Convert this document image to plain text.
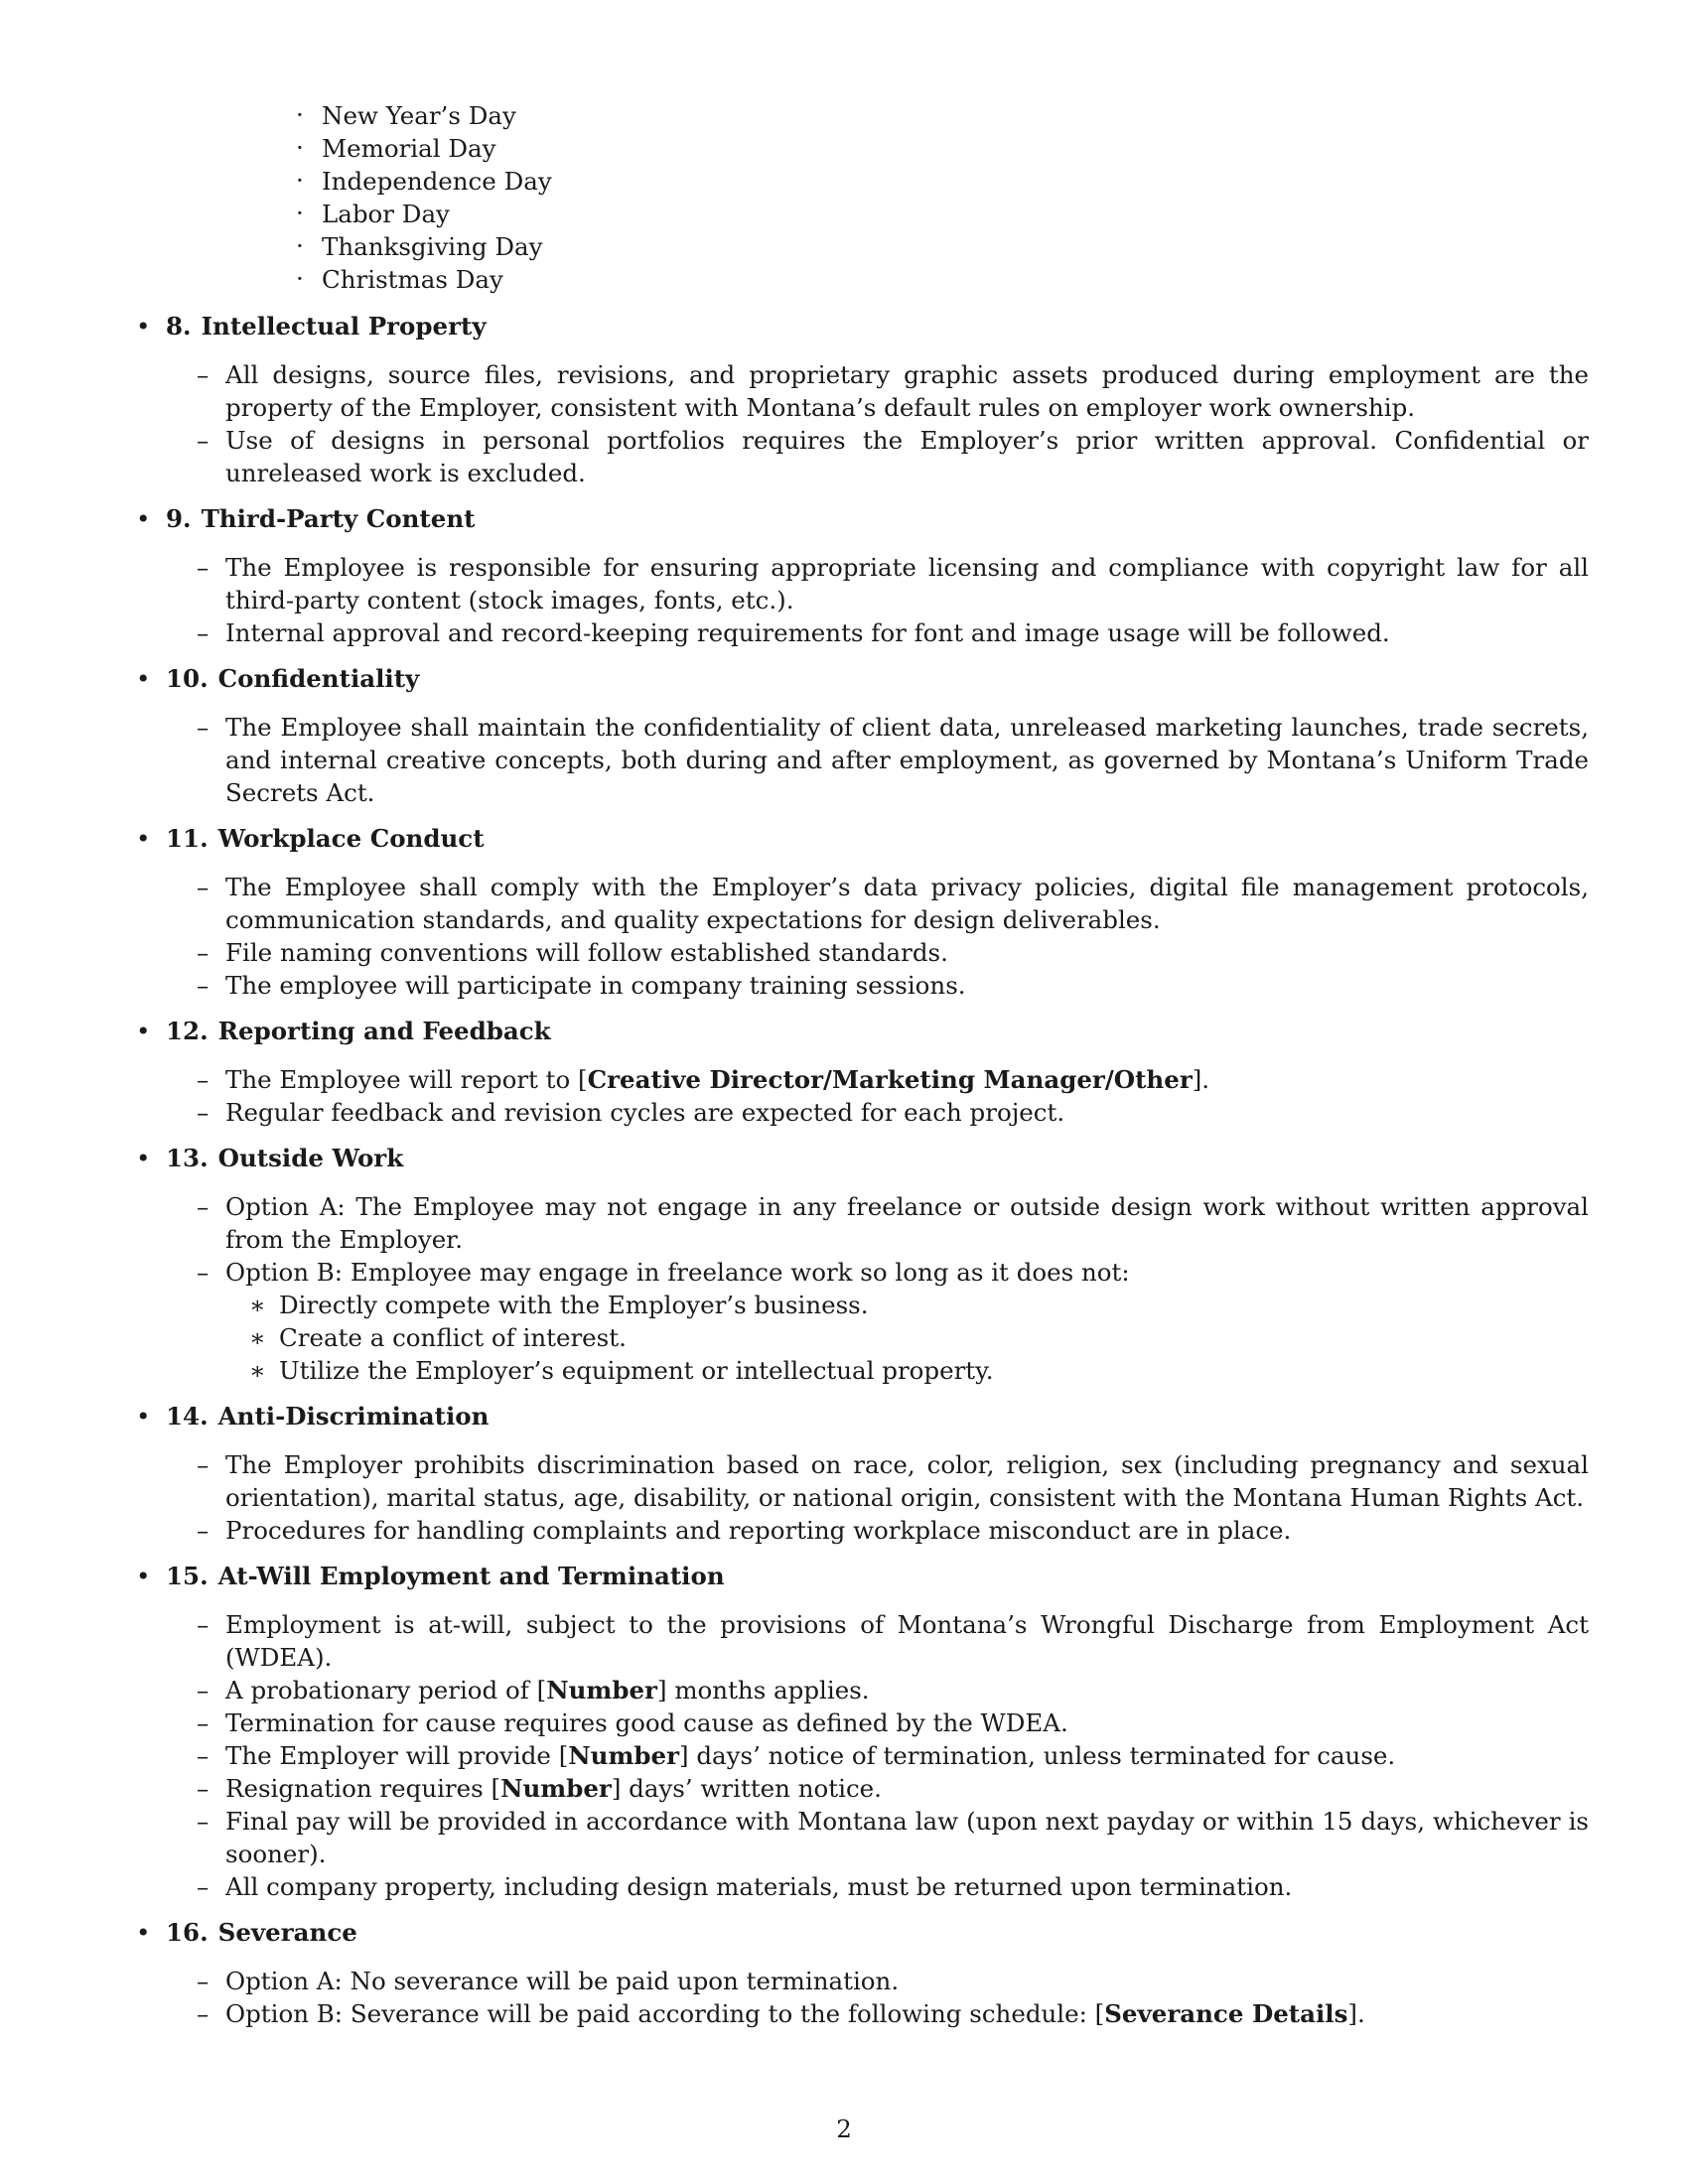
· New Year’s Day
· Memorial Day
· Independence Day
· Labor Day
· Thanksgiving Day
· Christmas Day
• 8. Intellectual Property
– All designs, source files, revisions, and proprietary graphic assets produced during employment are the property of the Employer, consistent with Montana’s default rules on employer work ownership.
– Use of designs in personal portfolios requires the Employer’s prior written approval. Confidential or unreleased work is excluded.
• 9. Third-Party Content
– The Employee is responsible for ensuring appropriate licensing and compliance with copyright law for all third-party content (stock images, fonts, etc.).
– Internal approval and record-keeping requirements for font and image usage will be followed.
• 10. Confidentiality
– The Employee shall maintain the confidentiality of client data, unreleased marketing launches, trade secrets, and internal creative concepts, both during and after employment, as governed by Montana’s Uniform Trade Secrets Act.
• 11. Workplace Conduct
– The Employee shall comply with the Employer’s data privacy policies, digital file management protocols, communication standards, and quality expectations for design deliverables.
– File naming conventions will follow established standards.
– The employee will participate in company training sessions.
• 12. Reporting and Feedback
– The Employee will report to [Creative Director/Marketing Manager/Other].
– Regular feedback and revision cycles are expected for each project.
• 13. Outside Work
– Option A: The Employee may not engage in any freelance or outside design work without written approval from the Employer.
– Option B: Employee may engage in freelance work so long as it does not:
∗ Directly compete with the Employer’s business.
∗ Create a conflict of interest.
∗ Utilize the Employer’s equipment or intellectual property.
• 14. Anti-Discrimination
– The Employer prohibits discrimination based on race, color, religion, sex (including pregnancy and sexual orientation), marital status, age, disability, or national origin, consistent with the Montana Human Rights Act.
– Procedures for handling complaints and reporting workplace misconduct are in place.
• 15. At-Will Employment and Termination
– Employment is at-will, subject to the provisions of Montana’s Wrongful Discharge from Employment Act (WDEA).
– A probationary period of [Number] months applies.
– Termination for cause requires good cause as defined by the WDEA.
– The Employer will provide [Number] days’ notice of termination, unless terminated for cause.
– Resignation requires [Number] days’ written notice.
– Final pay will be provided in accordance with Montana law (upon next payday or within 15 days, whichever is sooner).
– All company property, including design materials, must be returned upon termination.
• 16. Severance
– Option A: No severance will be paid upon termination.
– Option B: Severance will be paid according to the following schedule: [Severance Details].
2
